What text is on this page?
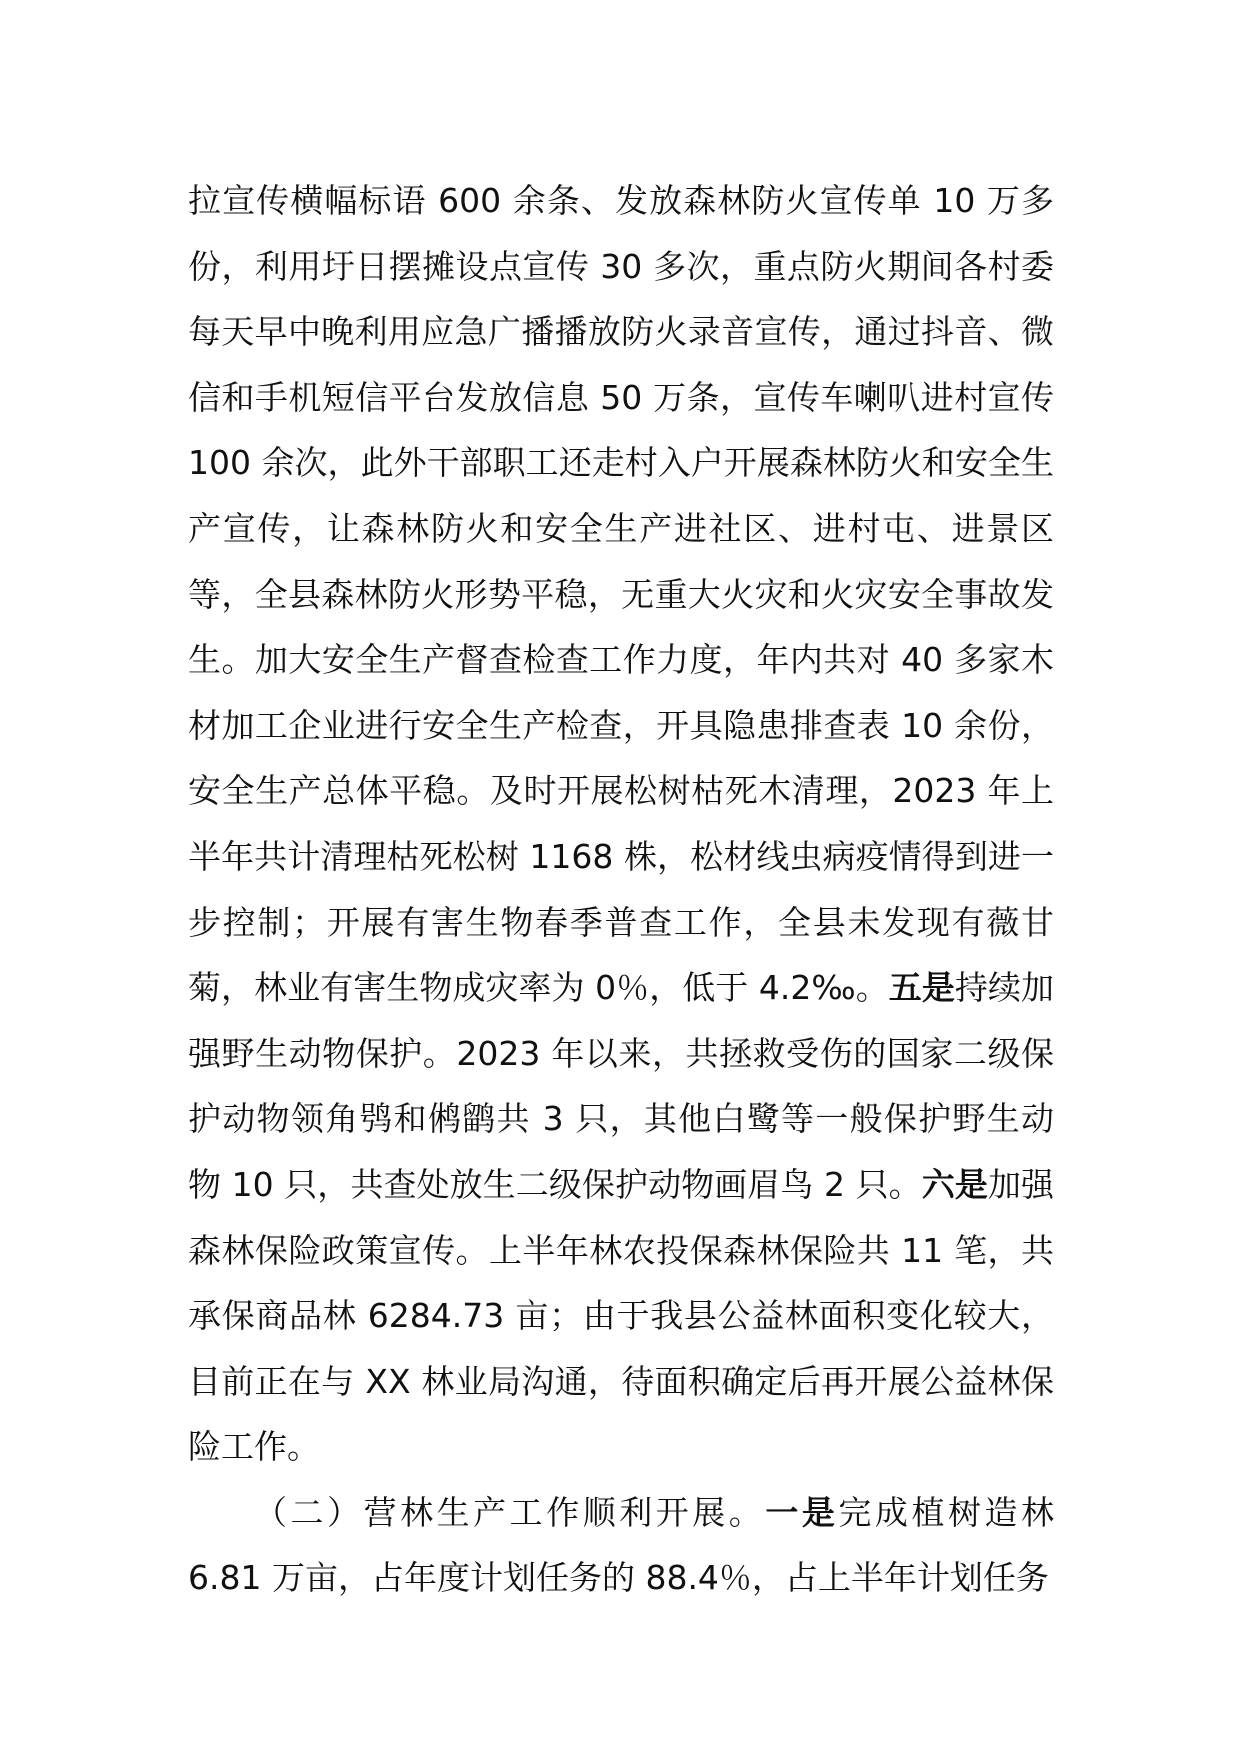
拉宣传横幅标语 600 余条、发放森林防火宣传单 10 万多份，利用圩日摆摊设点宣传 30 多次，重点防火期间各村委每天早中晚利用应急广播播放防火录音宣传，通过抖音、微信和手机短信平台发放信息 50 万条，宣传车喇叭进村宣传 100 余次，此外干部职工还走村入户开展森林防火和安全生产宣传，让森林防火和安全生产进社区、进村屯、进景区等，全县森林防火形势平稳，无重大火灾和火灾安全事故发生。加大安全生产督查检查工作力度，年内共对 40 多家木材加工企业进行安全生产检查，开具隐患排查表 10 余份，安全生产总体平稳。及时开展松树枯死木清理，2023 年上半年共计清理枯死松树 1168 株，松材线虫病疫情得到进一步控制；开展有害生物春季普查工作，全县未发现有薇甘菊，林业有害生物成灾率为 0％，低于 4.2‰。五是持续加强野生动物保护。2023 年以来，共拯救受伤的国家二级保护动物领角鸮和鸺鹠共 3 只，其他白鹭等一般保护野生动物 10 只，共查处放生二级保护动物画眉鸟 2 只。六是加强森林保险政策宣传。上半年林农投保森林保险共 11 笔，共承保商品林 6284.73 亩；由于我县公益林面积变化较大，目前正在与 XX 林业局沟通，待面积确定后再开展公益林保险工作。

（二）营林生产工作顺利开展。一是完成植树造林 6.81 万亩，占年度计划任务的 88.4％，占上半年计划任务
